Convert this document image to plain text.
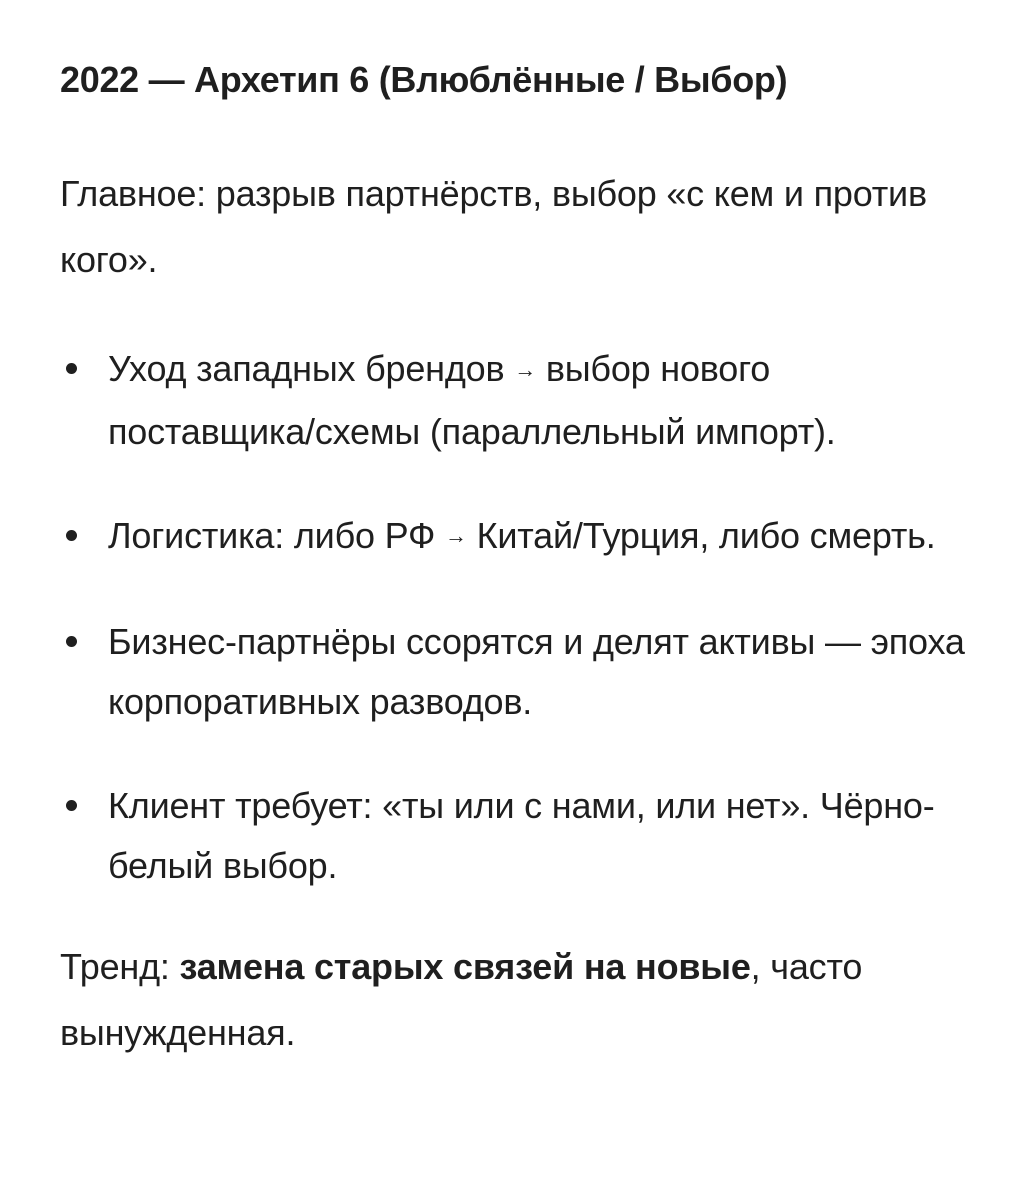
2022 — Архетип 6 (Влюблённые / Выбор)

Главное: разрыв партнёрств, выбор «с кем и против кого».

Уход западных брендов → выбор нового поставщика/схемы (параллельный импорт).
Логистика: либо РФ → Китай/Турция, либо смерть.
Бизнес-партнёры ссорятся и делят активы — эпоха корпоративных разводов.
Клиент требует: «ты или с нами, или нет». Чёрно-белый выбор.

Тренд: замена старых связей на новые, часто вынужденная.
